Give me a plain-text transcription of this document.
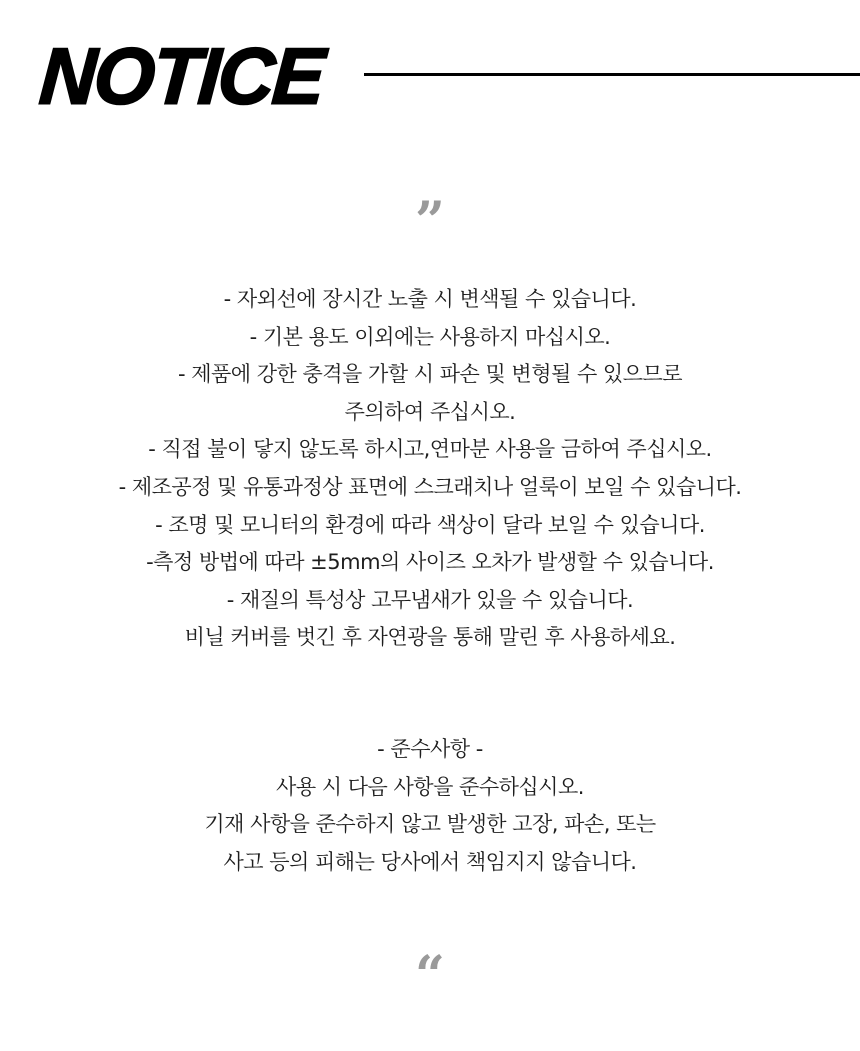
NOTICE
”
- 자외선에 장시간 노출 시 변색될 수 있습니다.
- 기본 용도 이외에는 사용하지 마십시오.
- 제품에 강한 충격을 가할 시 파손 및 변형될 수 있으므로
주의하여 주십시오.
- 직접 불이 닿지 않도록 하시고,연마분 사용을 금하여 주십시오.
- 제조공정 및 유통과정상 표면에 스크래치나 얼룩이 보일 수 있습니다.
- 조명 및 모니터의 환경에 따라 색상이 달라 보일 수 있습니다.
-측정 방법에 따라 ±5mm의 사이즈 오차가 발생할 수 있습니다.
- 재질의 특성상 고무냄새가 있을 수 있습니다.
비닐 커버를 벗긴 후 자연광을 통해 말린 후 사용하세요.
- 준수사항 -
사용 시 다음 사항을 준수하십시오.
기재 사항을 준수하지 않고 발생한 고장, 파손, 또는
사고 등의 피해는 당사에서 책임지지 않습니다.
“
